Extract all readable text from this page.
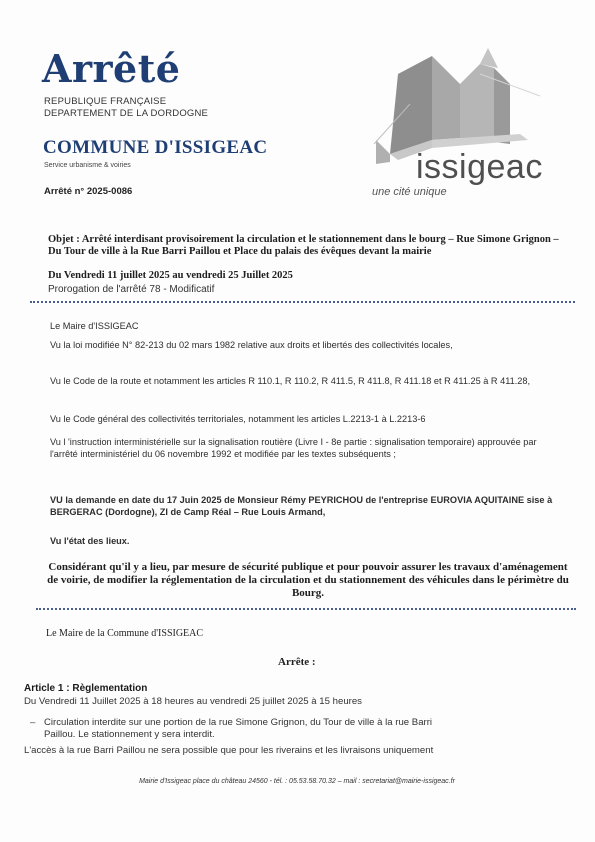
Arrêté
REPUBLIQUE FRANÇAISE
DEPARTEMENT DE LA DORDOGNE
COMMUNE D'ISSIGEAC
Service urbanisme & voiries
Arrêté n° 2025-0086
issigeac
une cité unique
Objet : Arrêté interdisant provisoirement la circulation et le stationnement dans le bourg – Rue Simone Grignon – Du Tour de ville à la Rue Barri Paillou et Place du palais des évêques devant la mairie
Du Vendredi 11 juillet 2025 au vendredi 25 Juillet 2025
Prorogation de l'arrêté 78 - Modificatif
Le Maire d'ISSIGEAC
Vu la loi modifiée N° 82-213 du 02 mars 1982 relative aux droits et libertés des collectivités locales,
Vu le Code de la route et notamment les articles R 110.1, R 110.2, R 411.5, R 411.8, R 411.18 et R 411.25 à R 411.28,
Vu le Code général des collectivités territoriales, notamment les articles L.2213-1 à L.2213-6
Vu l 'instruction interministérielle sur la signalisation routière (Livre I - 8e partie : signalisation temporaire) approuvée par l'arrêté interministériel du 06 novembre 1992 et modifiée par les textes subséquents ;
VU la demande en date du 17 Juin 2025 de Monsieur Rémy PEYRICHOU de l'entreprise EUROVIA AQUITAINE sise à BERGERAC (Dordogne), ZI de Camp Réal – Rue Louis Armand,
Vu l'état des lieux.
Considérant qu'il y a lieu, par mesure de sécurité publique et pour pouvoir assurer les travaux d'aménagement de voirie, de modifier la réglementation de la circulation et du stationnement des véhicules dans le périmètre du Bourg.
Le Maire de la Commune d'ISSIGEAC
Arrête :
Article 1 : Règlementation
Du Vendredi 11 Juillet 2025 à 18 heures au vendredi 25 juillet 2025 à 15 heures
– Circulation interdite sur une portion de la rue Simone Grignon, du Tour de ville à la rue Barri
Paillou. Le stationnement y sera interdit.
L'accès à la rue Barri Paillou ne sera possible que pour les riverains et les livraisons uniquement
Mairie d'Issigeac place du château 24560 - tél. : 05.53.58.70.32 – mail : secretariat@mairie-issigeac.fr
